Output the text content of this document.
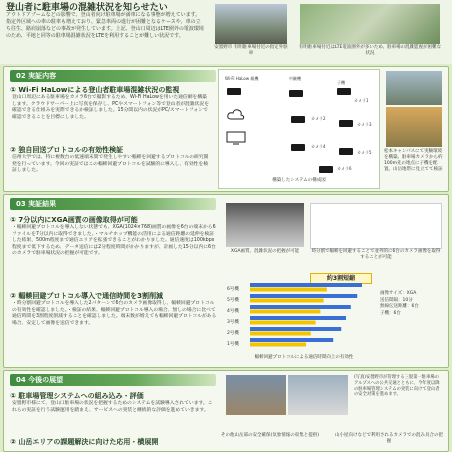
登山者に駐車場の混雑状況を知らせたい
アウトドアブームなどの影響で、登山者向け駐車場が満車になる事態が増えています。指定外区域への車の駐車も増えており、緊急車両の進行が困難となるケースや、車の立ち往生、路肩崩落などの事故が発生しています。上記、登山口周辺はLTE圏外の電波環境のため、平地と同等の駐車場混雑状況をLTEを利用することが難しい状況です。
安曇野市 有明駐車場付近の指定外駐車
有明駐車場付近はLTE電波圏外が多いため、駐車場の混雑監視が困難な状況
02 実証内容
① Wi-Fi HaLowによる登山者駐車場混雑状況の監視
登山口周辺にある駐車場をカメラ6台で撮影するため、Wi-Fi HaLowを用いた通信網を構築します。クラウドサーバー上に写真を保存し、PCやスマートフォン等で登山者が混雑状況を確認できる仕組みを実際できるか検証しました。15分間以内の状況がPC/スマートフォンで確認できることを目標にしました。
② 独自回送プロトコルの有効性検証
信州大学では、特に複数台の低速端末間で発生しやすい輻輳を回避するプロトコルの研究開発を行っています。今回の実証ではこの輻輳回避プロトコルを試験的に導入し、有効性を検証しました。
Wi-Fi HaLow 親機	中継機
子機
カメラ1
カメラ2
カメラ3
カメラ4
カメラ5
カメラ6
構築したシステムの構成図
松本キャンパスにて実験環境を構築。駐車場カメラから約100m先の地点に子機を配置。山岳地帯に見立てて検証
03 実証結果
① 7分以内にXGA画質の画像取得が可能
・輻輳回避プロトコルを導入しない状態でも、XGA(1024×768)画質の画像を6台の端末から6ファイルを7分以内に取得できました。・マルチホップ機能の活用による通信距離の延伸を検証した結果、500m程度まで通信エリアを拡張できることがわかりました。通信速度は100kbps程度まで低下するため、データ送信には2分程度時間がかかりますが、計画した15分以内に6台のカメラで駐車場状況の把握が可能です。
② 輻輳回避プロトコル導入で通信時間を3割削減
・時分割回避プロトコルを導入した2パターンで6台のカメラ画像取得し、輻輳回避プロトコルの有効性を確認しました。・検証の結果、輻輳回避プロトコル導入の場合、無しの場合に比べて通信時間を3割程度削減することを確認しました。端末数が増えても輻輳回避プロトコルがある場合、安定して画像を送信できます。
XGA画質、混雑状況の把握が可能	時分割で輻輳を回避することで並列的に6台のカメラ画像を取得することが可能
約3割短縮
6号機
5号機
4号機
3号機
2号機
1号機
画像サイズ：XGA
送信間隔：10分
無線伝送距離：6台
子機：6台
輻輳回避プロトコルによる通信時間向上の有効性
04 今後の展望
① 駐車場管理システムへの組み込み・評価
安曇野市様にて、登山口駐車場の状況を把握するためのシステムを試験導入されています。これらの実証を行う試験運用を踏まえ、サービスへの実装と継続的な評価を進めていきます。
② 山岳エリアの課題解決に向けた応用・横展開
(写真)安曇野市が管理する三股第一駐車場のアルプスへの公共交通とともに、今年度以降の駐車場管理システムの実装に向けて登山者の安全対策を進めます。
その他山岳部の安全確保(気象情報の収集と提供)	山小屋向けなどで利用されるカメラでの混み具合の把握
